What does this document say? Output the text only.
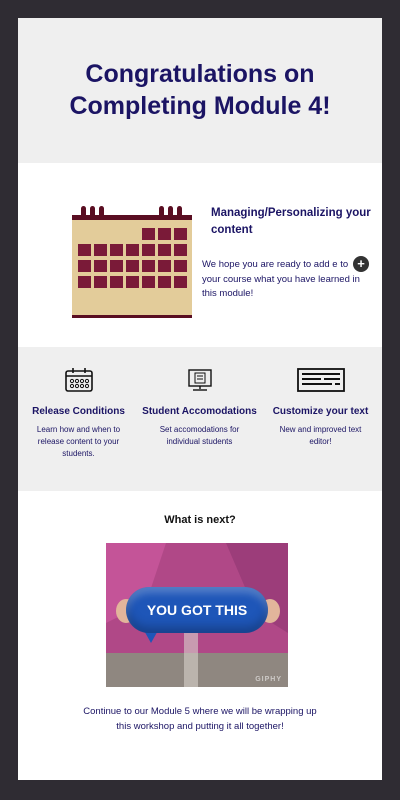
Congratulations on Completing Module 4!

Managing/Personalizing your content

We hope you are ready to add e to your course what you have learned in this module!

+

Release Conditions

Learn how and when to release content to your students.

Student Accomodations

Set accomodations for individual students

Customize your text

New and improved text editor!

What is next?
YOU GOT THIS
GIPHY

Continue to our Module 5 where we will be wrapping up this workshop and putting it all together!
